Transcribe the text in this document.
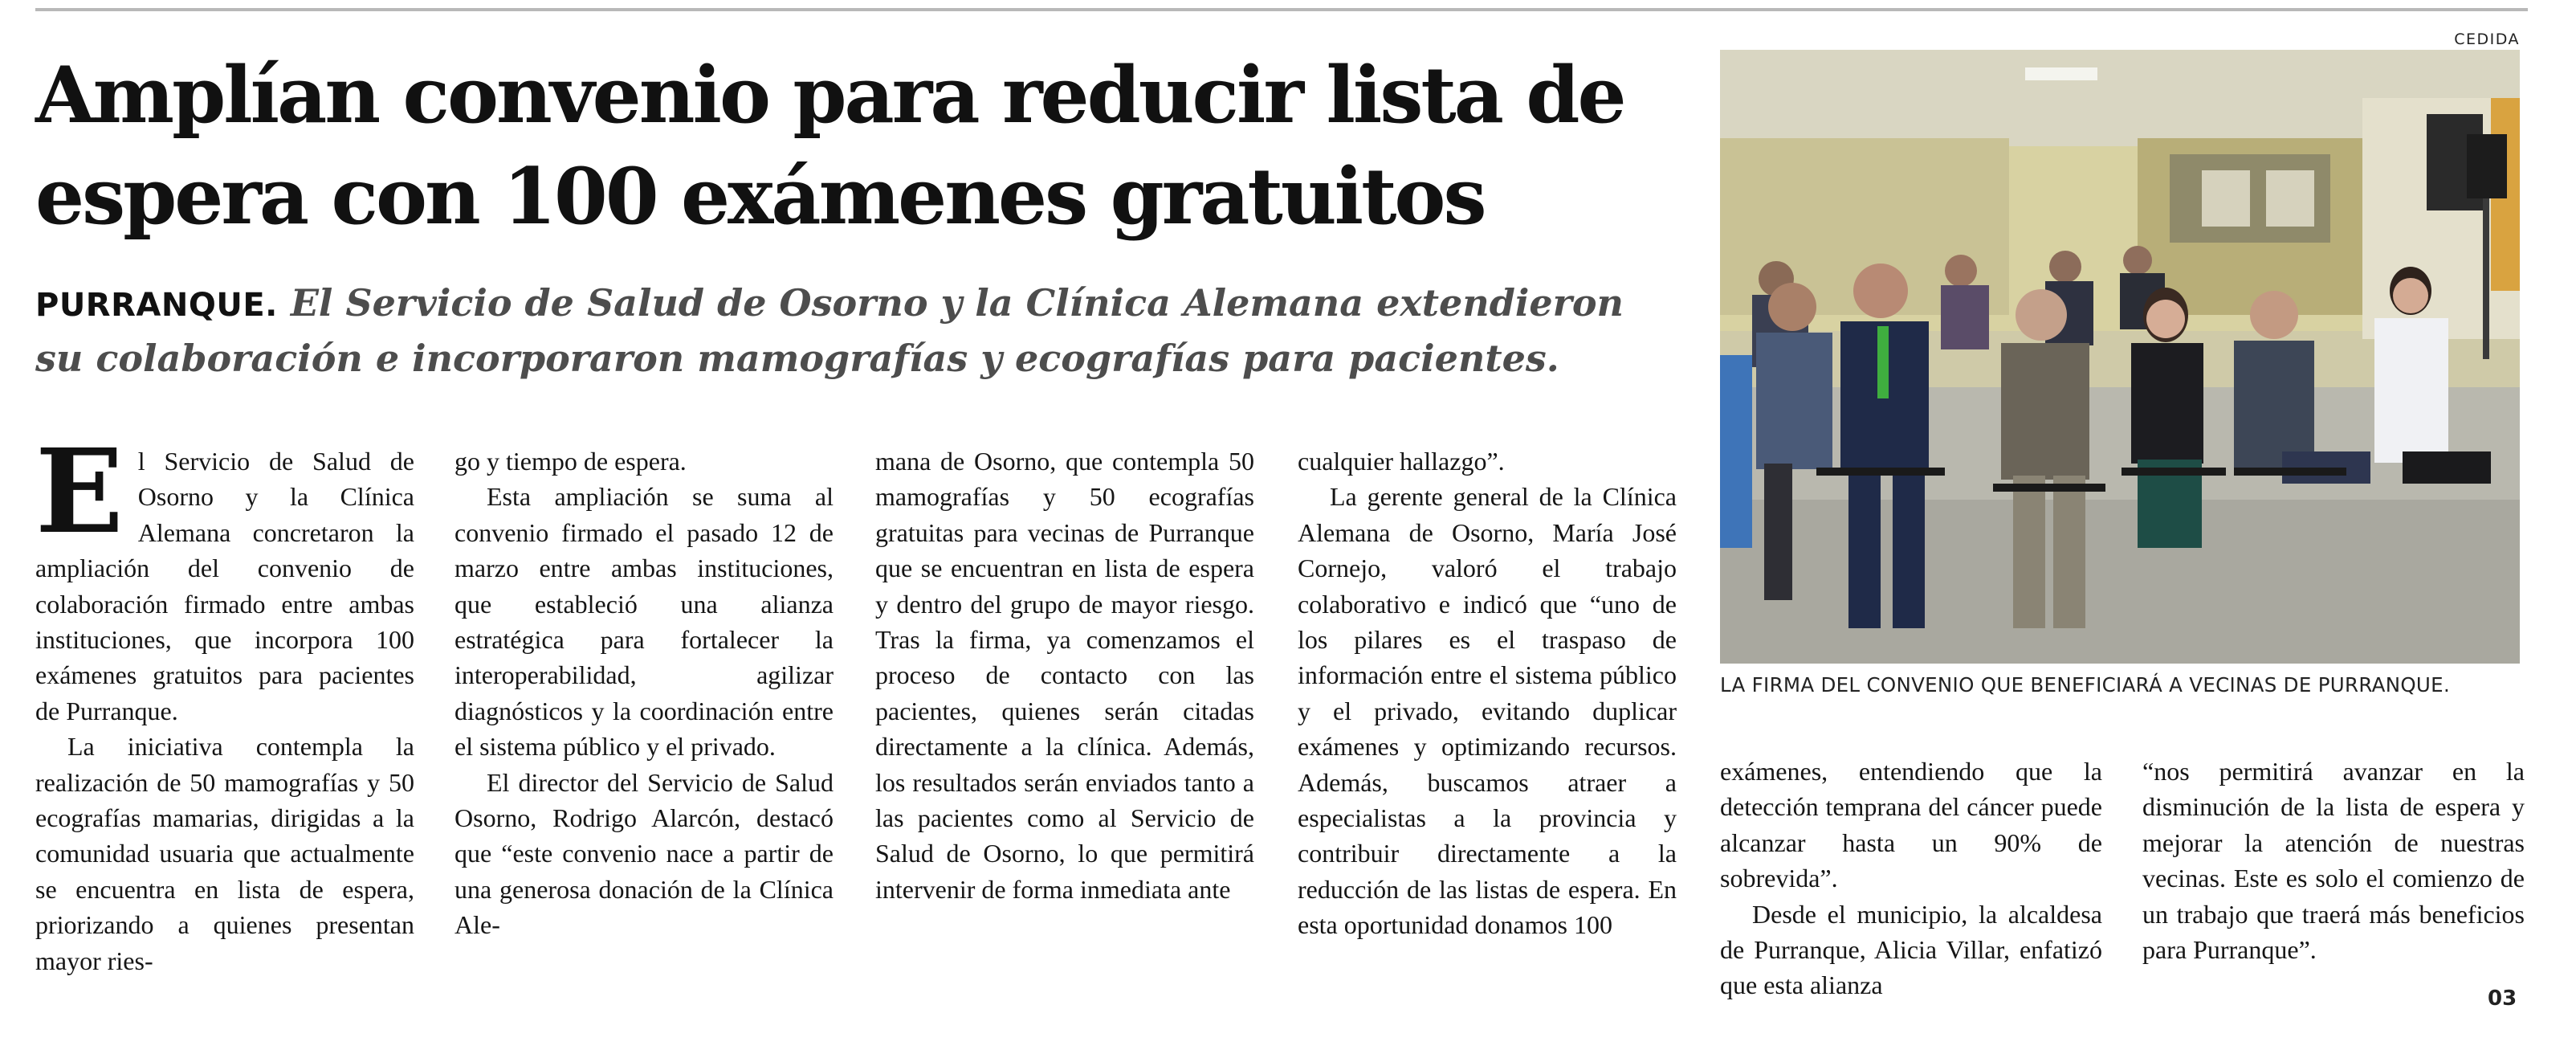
Amplían convenio para reducir lista de espera con 100 exámenes gratuitos
PURRANQUE. El Servicio de Salud de Osorno y la Clínica Alemana extendieron su colaboración e incorporaron mamografías y ecografías para pacientes.
E l Servicio de Salud de Osorno y la Clínica Alemana concretaron la ampliación del convenio de colaboración firmado entre ambas instituciones, que incorpora 100 exámenes gratuitos para pacientes de Purranque.

La iniciativa contempla la realización de 50 mamografías y 50 ecografías mamarias, dirigidas a la comunidad usuaria que actualmente se encuentra en lista de espera, priorizando a quienes presentan mayor ries-

go y tiempo de espera.

Esta ampliación se suma al convenio firmado el pasado 12 de marzo entre ambas instituciones, que estableció una alianza estratégica para fortalecer la interoperabilidad, agilizar diagnósticos y la coordinación entre el sistema público y el privado.

El director del Servicio de Salud Osorno, Rodrigo Alarcón, destacó que “este convenio nace a partir de una generosa donación de la Clínica Ale-

mana de Osorno, que contempla 50 mamografías y 50 ecografías gratuitas para vecinas de Purranque que se encuentran en lista de espera y dentro del grupo de mayor riesgo. Tras la firma, ya comenzamos el proceso de contacto con las pacientes, quienes serán citadas directamente a la clínica. Además, los resultados serán enviados tanto a las pacientes como al Servicio de Salud de Osorno, lo que permitirá intervenir de forma inmediata ante

cualquier hallazgo”.

La gerente general de la Clínica Alemana de Osorno, María José Cornejo, valoró el trabajo colaborativo e indicó que “uno de los pilares es el traspaso de información entre el sistema público y el privado, evitando duplicar exámenes y optimizando recursos. Además, buscamos atraer a especialistas a la provincia y contribuir directamente a la reducción de las listas de espera. En esta oportunidad donamos 100

exámenes, entendiendo que la detección temprana del cáncer puede alcanzar hasta un 90% de sobrevida”.

Desde el municipio, la alcaldesa de Purranque, Alicia Villar, enfatizó que esta alianza

“nos permitirá avanzar en la disminución de la lista de espera y mejorar la atención de nuestras vecinas. Este es solo el comienzo de un trabajo que traerá más beneficios para Purranque”.

03
CEDIDA
LA FIRMA DEL CONVENIO QUE BENEFICIARÁ A VECINAS DE PURRANQUE.
